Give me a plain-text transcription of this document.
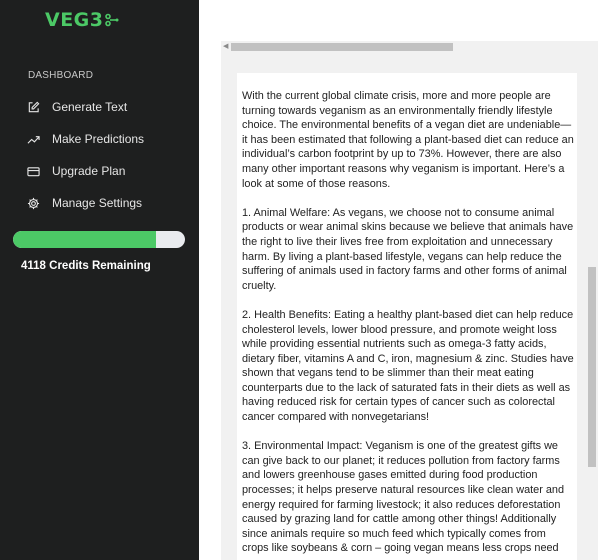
VEG3
DASHBOARD
Generate Text
Make Predictions
Upgrade Plan
Manage Settings
4118 Credits Remaining
◀

With the current global climate crisis, more and more people are turning towards veganism as an environmentally friendly lifestyle choice. The environmental benefits of a vegan diet are undeniable—it has been estimated that following a plant-based diet can reduce an individual’s carbon footprint by up to 73%. However, there are also many other important reasons why veganism is important. Here’s a look at some of those reasons.

1. Animal Welfare: As vegans, we choose not to consume animal products or wear animal skins because we believe that animals have the right to live their lives free from exploitation and unnecessary harm. By living a plant-based lifestyle, vegans can help reduce the suffering of animals used in factory farms and other forms of animal cruelty.

2. Health Benefits: Eating a healthy plant-based diet can help reduce cholesterol levels, lower blood pressure, and promote weight loss while providing essential nutrients such as omega-3 fatty acids, dietary fiber, vitamins A and C, iron, magnesium & zinc. Studies have shown that vegans tend to be slimmer than their meat eating counterparts due to the lack of saturated fats in their diets as well as having reduced risk for certain types of cancer such as colorectal cancer compared with nonvegetarians!

3. Environmental Impact: Veganism is one of the greatest gifts we can give back to our planet; it reduces pollution from factory farms and lowers greenhouse gases emitted during food production processes; it helps preserve natural resources like clean water and energy required for farming livestock; it also reduces deforestation caused by grazing land for cattle among other things! Additionally since animals require so much feed which typically comes from crops like soybeans & corn – going vegan means less crops need
